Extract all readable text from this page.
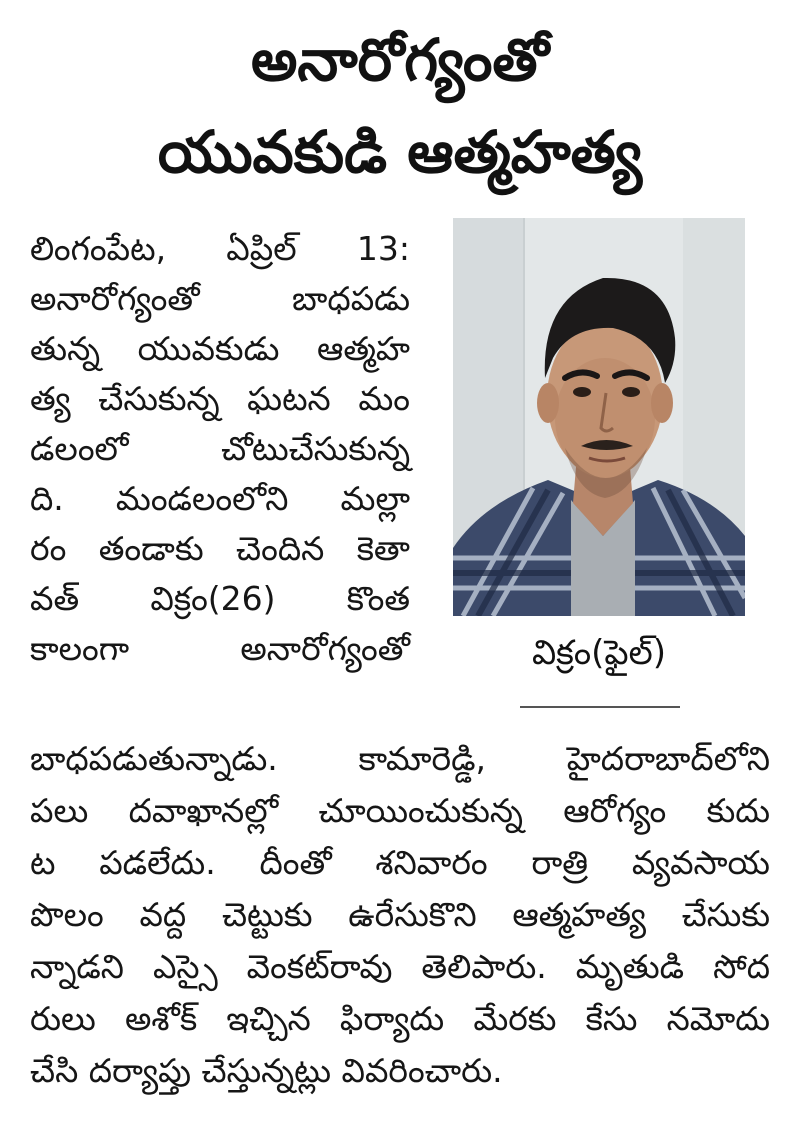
అనారోగ్యంతో
యువకుడి ఆత్మహత్య
లింగంపేట, ఏప్రిల్ 13:
అనారోగ్యంతో బాధపడు
తున్న యువకుడు ఆత్మహ
త్య చేసుకున్న ఘటన మం
డలంలో చోటుచేసుకున్న
ది. మండలంలోని మల్లా
రం తండాకు చెందిన కెతా
వత్ విక్రం(26) కొంత
కాలంగా అనారోగ్యంతో	విక్రం(ఫైల్)
బాధపడుతున్నాడు. కామారెడ్డి, హైదరాబాద్‌లోని
పలు దవాఖానల్లో చూయించుకున్న ఆరోగ్యం కుదు
ట పడలేదు. దీంతో శనివారం రాత్రి వ్యవసాయ
పొలం వద్ద చెట్టుకు ఉరేసుకొని ఆత్మహత్య చేసుకు
న్నాడని ఎస్సై వెంకట్‌రావు తెలిపారు. మృతుడి సోద
రులు అశోక్ ఇచ్చిన ఫిర్యాదు మేరకు కేసు నమోదు
చేసి దర్యాప్తు చేస్తున్నట్లు వివరించారు.
